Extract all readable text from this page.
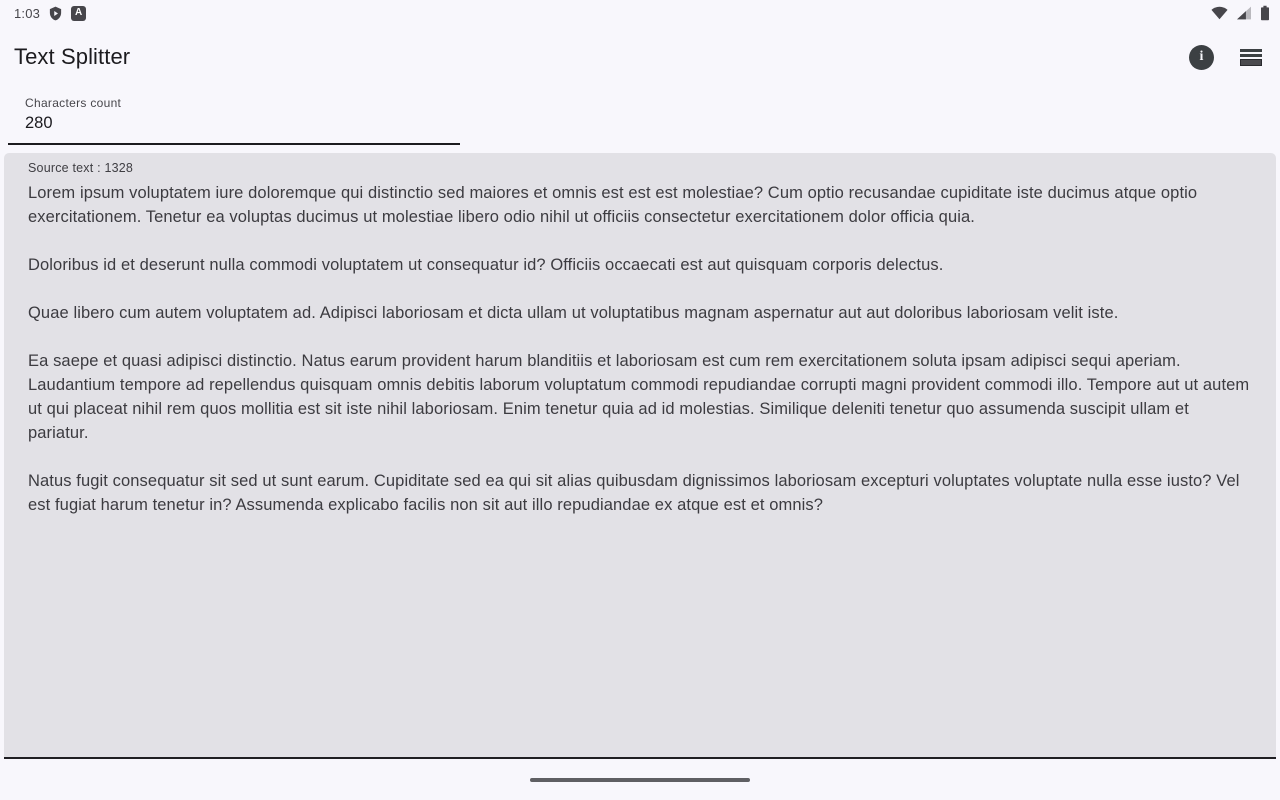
1:03	A
Text Splitter	i
Characters count
280
Source text : 1328

Lorem ipsum voluptatem iure doloremque qui distinctio sed maiores et omnis est est est molestiae? Cum optio recusandae cupiditate iste ducimus atque optio exercitationem. Tenetur ea voluptas ducimus ut molestiae libero odio nihil ut officiis consectetur exercitationem dolor officia quia.

Doloribus id et deserunt nulla commodi voluptatem ut consequatur id? Officiis occaecati est aut quisquam corporis delectus.

Quae libero cum autem voluptatem ad. Adipisci laboriosam et dicta ullam ut voluptatibus magnam aspernatur aut aut doloribus laboriosam velit iste.

Ea saepe et quasi adipisci distinctio. Natus earum provident harum blanditiis et laboriosam est cum rem exercitationem soluta ipsam adipisci sequi aperiam. Laudantium tempore ad repellendus quisquam omnis debitis laborum voluptatum commodi repudiandae corrupti magni provident commodi illo. Tempore aut ut autem ut qui placeat nihil rem quos mollitia est sit iste nihil laboriosam. Enim tenetur quia ad id molestias. Similique deleniti tenetur quo assumenda suscipit ullam et pariatur.

Natus fugit consequatur sit sed ut sunt earum. Cupiditate sed ea qui sit alias quibusdam dignissimos laboriosam excepturi voluptates voluptate nulla esse iusto? Vel est fugiat harum tenetur in? Assumenda explicabo facilis non sit aut illo repudiandae ex atque est et omnis?
